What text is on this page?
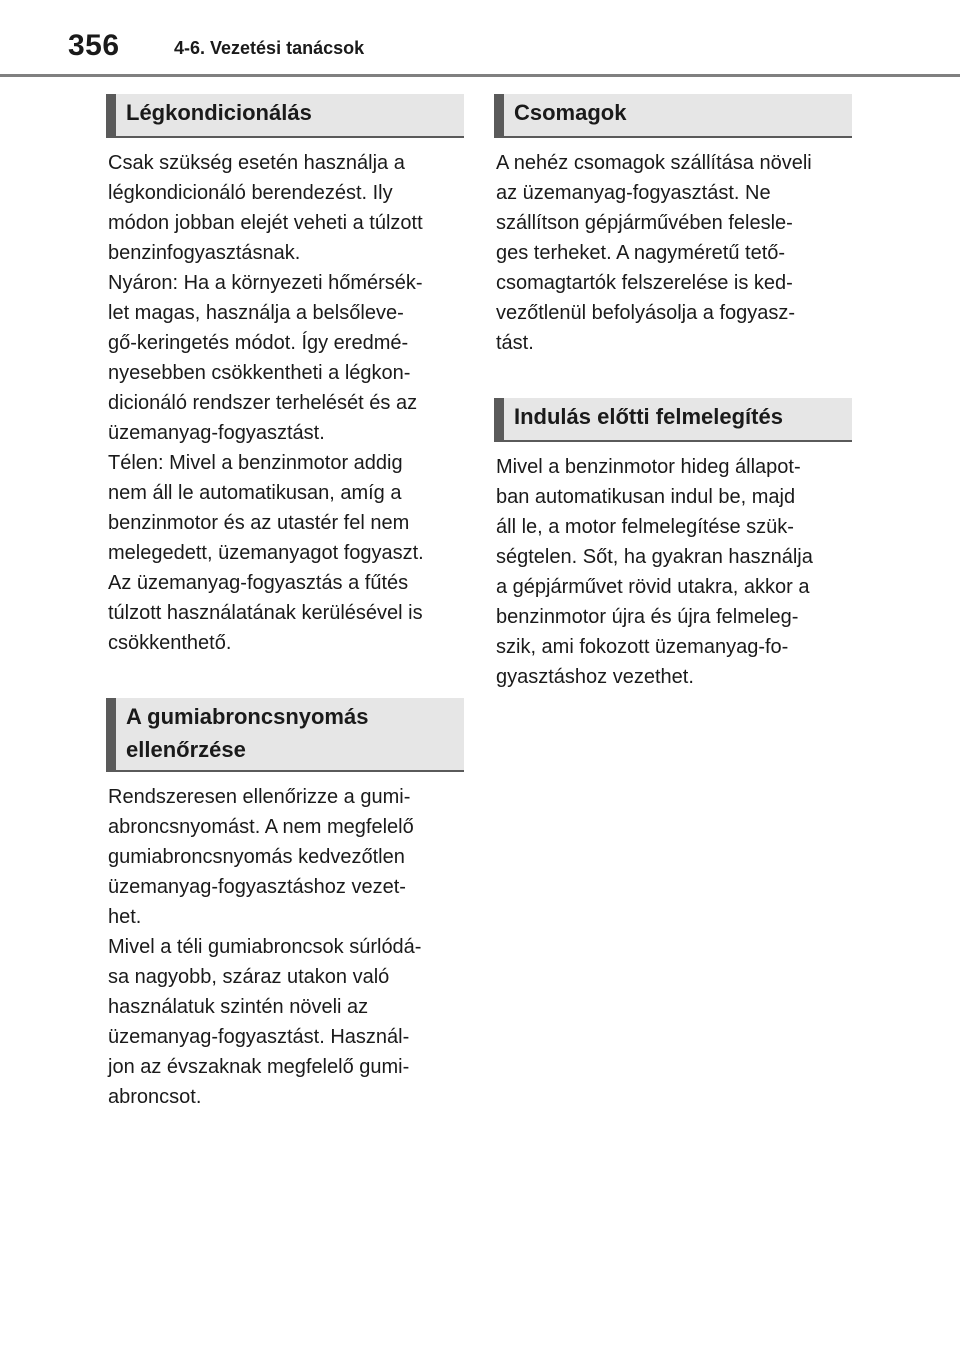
356	4-6. Vezetési tanácsok
Légkondicionálás
Csak szükség esetén használja a
légkondicionáló berendezést. Ily
módon jobban elejét veheti a túlzott
benzinfogyasztásnak.
Nyáron: Ha a környezeti hőmérsék-
let magas, használja a belsőleve-
gő-keringetés módot. Így eredmé-
nyesebben csökkentheti a légkon-
dicionáló rendszer terhelését és az
üzemanyag-fogyasztást.
Télen: Mivel a benzinmotor addig
nem áll le automatikusan, amíg a
benzinmotor és az utastér fel nem
melegedett, üzemanyagot fogyaszt.
Az üzemanyag-fogyasztás a fűtés
túlzott használatának kerülésével is
csökkenthető.
A gumiabroncsnyomás
ellenőrzése
Rendszeresen ellenőrizze a gumi-
abroncsnyomást. A nem megfelelő
gumiabroncsnyomás kedvezőtlen
üzemanyag-fogyasztáshoz vezet-
het.
Mivel a téli gumiabroncsok súrlódá-
sa nagyobb, száraz utakon való
használatuk szintén növeli az
üzemanyag-fogyasztást. Használ-
jon az évszaknak megfelelő gumi-
abroncsot.
Csomagok
A nehéz csomagok szállítása növeli
az üzemanyag-fogyasztást. Ne
szállítson gépjárművében felesle-
ges terheket. A nagyméretű tető-
csomagtartók felszerelése is ked-
vezőtlenül befolyásolja a fogyasz-
tást.
Indulás előtti felmelegítés
Mivel a benzinmotor hideg állapot-
ban automatikusan indul be, majd
áll le, a motor felmelegítése szük-
ségtelen. Sőt, ha gyakran használja
a gépjárművet rövid utakra, akkor a
benzinmotor újra és újra felmeleg-
szik, ami fokozott üzemanyag-fo-
gyasztáshoz vezethet.
